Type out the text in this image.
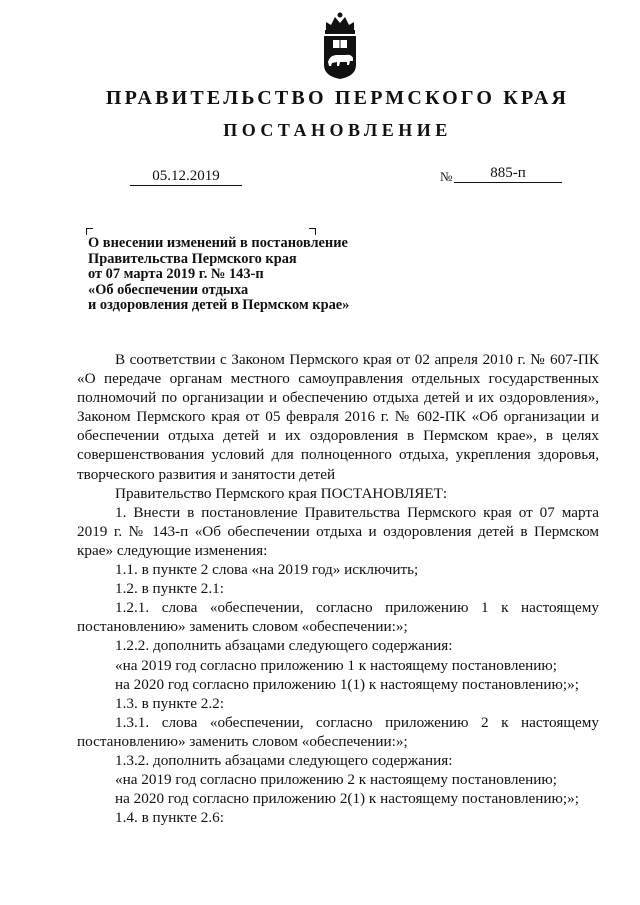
ПРАВИТЕЛЬСТВО ПЕРМСКОГО КРАЯ
ПОСТАНОВЛЕНИЕ
05.12.2019	№	885-п
О внесении изменений в постановление
Правительства Пермского края
от 07 марта 2019 г. № 143-п
«Об обеспечении отдыха
и оздоровления детей в Пермском крае»

В соответствии с Законом Пермского края от 02 апреля 2010 г. № 607-ПК «О передаче органам местного самоуправления отдельных государственных полномочий по организации и обеспечению отдыха детей и их оздоровления», Законом Пермского края от 05 февраля 2016 г. № 602-ПК «Об организации и обеспечении отдыха детей и их оздоровления в Пермском крае», в целях совершенствования условий для полноценного отдыха, укрепления здоровья, творческого развития и занятости детей

Правительство Пермского края ПОСТАНОВЛЯЕТ:

1. Внести в постановление Правительства Пермского края от 07 марта 2019 г. № 143-п «Об обеспечении отдыха и оздоровления детей в Пермском крае» следующие изменения:

1.1. в пункте 2 слова «на 2019 год» исключить;

1.2. в пункте 2.1:

1.2.1. слова «обеспечении, согласно приложению 1 к настоящему постановлению» заменить словом «обеспечении:»;

1.2.2. дополнить абзацами следующего содержания:

«на 2019 год согласно приложению 1 к настоящему постановлению;

на 2020 год согласно приложению 1(1) к настоящему постановлению;»;

1.3. в пункте 2.2:

1.3.1. слова «обеспечении, согласно приложению 2 к настоящему постановлению» заменить словом «обеспечении:»;

1.3.2. дополнить абзацами следующего содержания:

«на 2019 год согласно приложению 2 к настоящему постановлению;

на 2020 год согласно приложению 2(1) к настоящему постановлению;»;

1.4. в пункте 2.6:
